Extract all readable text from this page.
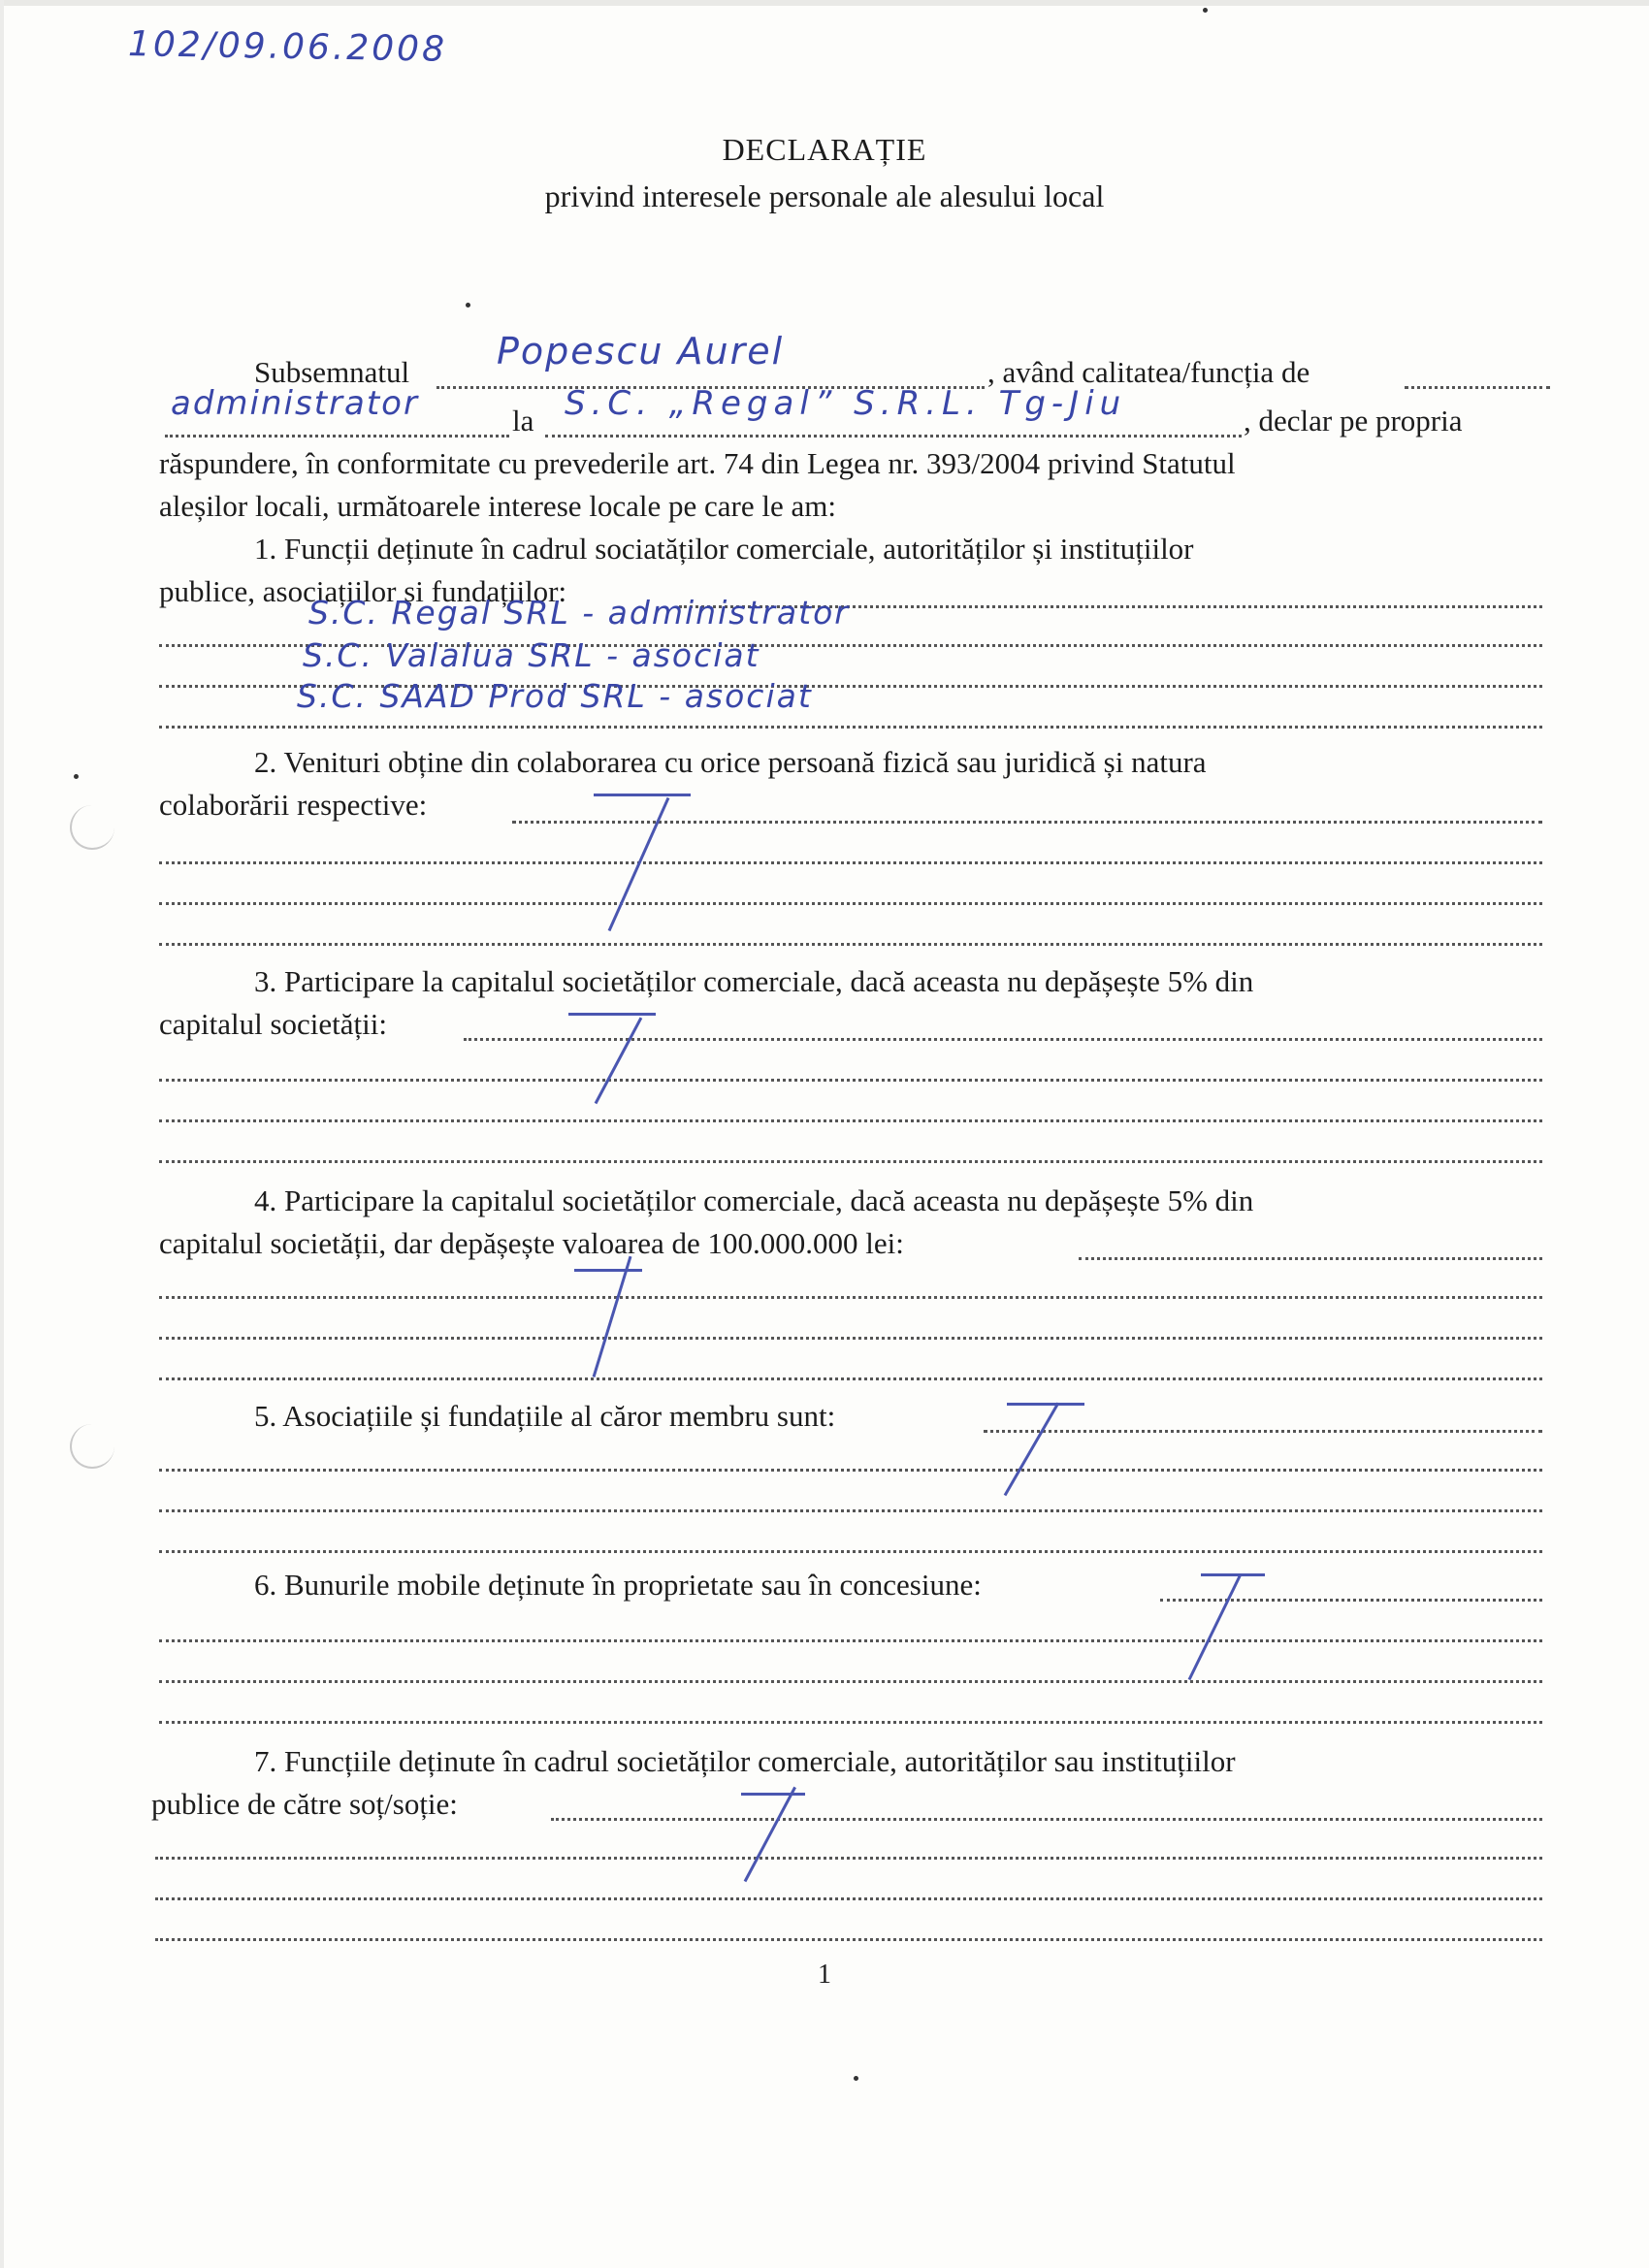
102/09.06.2008
DECLARAȚIE
privind interesele personale ale alesului local
Subsemnatul Popescu Aurel	, având calitatea/funcția de
administrator	la S.C. „Regal” S.R.L. Tg-Jiu	, declar pe propria
răspundere, în conformitate cu prevederile art. 74 din Legea nr. 393/2004 privind Statutul
aleșilor locali, următoarele interese locale pe care le am:
1. Funcții deținute în cadrul sociatăților comerciale, autorităților și instituțiilor
publice, asociațiilor și fundațiilor:
S.C. Regal SRL - administrator
S.C. Valalua SRL - asociat
S.C. SAAD Prod SRL - asociat
2. Venituri obține din colaborarea cu orice persoană fizică sau juridică și natura
colaborării respective:
3. Participare la capitalul societăților comerciale, dacă aceasta nu depășește 5% din
capitalul societății:
4. Participare la capitalul societăților comerciale, dacă aceasta nu depășește 5% din
capitalul societății, dar depășește valoarea de 100.000.000 lei:
5. Asociațiile și fundațiile al căror membru sunt:
6. Bunurile mobile deținute în proprietate sau în concesiune:
7. Funcțiile deținute în cadrul societăților comerciale, autorităților sau instituțiilor
publice de către soț/soție:
1
